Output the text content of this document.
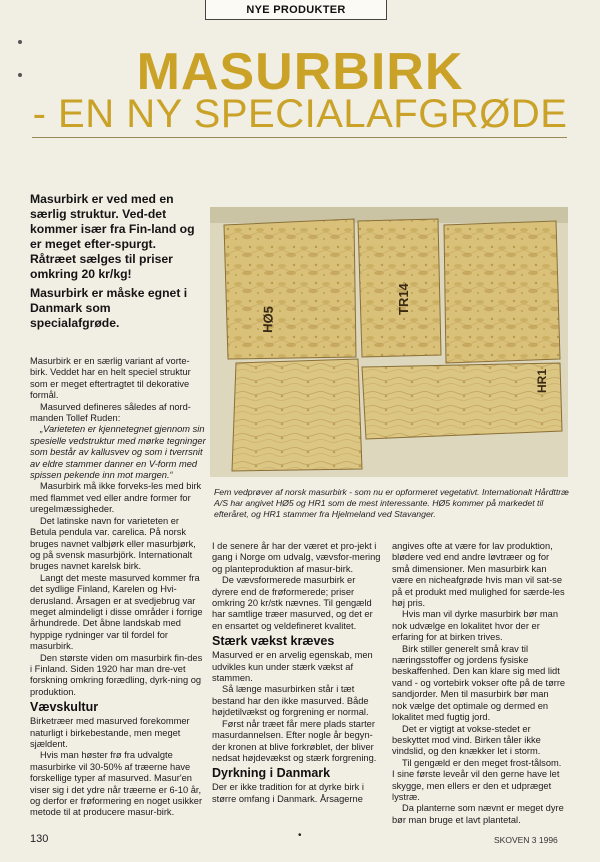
NYE PRODUKTER
MASURBIRK
- EN NY SPECIALAFGRØDE

Masurbirk er ved med en særlig struktur. Ved-det kommer især fra Fin-land og er meget efter-spurgt. Råtræet sælges til priser omkring 20 kr/kg!

Masurbirk er måske egnet i Danmark som specialafgrøde.	HØ5
TR14
HR1

Fem vedprøver af norsk masurbirk - som nu er opformeret vegetativt. Internationalt Hårdttræ A/S har angivet HØ5 og HR1 som de mest interessante. HØ5 kommer på markedet til efteråret, og HR1 stammer fra Hjelmeland ved Stavanger.

Masurbirk er en særlig variant af vorte-birk. Veddet har en helt speciel struktur som er meget eftertragtet til dekorative formål.

Masurved defineres således af nord-manden Tollef Ruden:

„Varieteten er kjennetegnet gjennom sin spesielle vedstruktur med mørke tegninger som består av kallusvev og som i tverrsnit av eldre stammer danner en V-form med spissen pekende inn mot margen.“

Masurbirk må ikke forveks-les med birk med flammet ved eller andre former for uregelmæssigheder.

Det latinske navn for varieteten er Betula pendula var. carelica. På norsk bruges navnet valbjørk eller masurbjørk, og på svensk masurbjörk. Internationalt bruges navnet karelsk birk.

Langt det meste masurved kommer fra det sydlige Finland, Karelen og Hvi-derusland. Årsagen er at svedjebrug var meget almindeligt i disse områder i forrige århundrede. Det åbne landskab med hyppige rydninger var til fordel for masurbirk.

Den største viden om masurbirk fin-des i Finland. Siden 1920 har man dre-vet forskning omkring forædling, dyrk-ning og produktion.

Vævskultur

Birketræer med masurved forekommer naturligt i birkebestande, men meget sjældent.

Hvis man høster frø fra udvalgte masurbirke vil 30-50% af træerne have forskellige typer af masurved. Masur'en viser sig i det ydre når træerne er 6-10 år, og derfor er frøformering en noget usikker metode til at producere masur-birk.

I de senere år har der været et pro-jekt i gang i Norge om udvalg, vævsfor-mering og planteproduktion af masur-birk.

De vævsformerede masurbirk er dyrere end de frøformerede; priser omkring 20 kr/stk nævnes. Til gengæld har samtlige træer masurved, og det er en ensartet og veldefineret kvalitet.

Stærk vækst kræves

Masurved er en arvelig egenskab, men udvikles kun under stærk vækst af stammen.

Så længe masurbirken står i tæt bestand har den ikke masurved. Både højdetilvækst og forgrening er normal.

Først når træet får mere plads starter masurdannelsen. Efter nogle år begyn-der kronen at blive forkrøblet, der bliver nedsat højdevækst og stærk forgrening.

Dyrkning i Danmark

Der er ikke tradition for at dyrke birk i større omfang i Danmark. Årsagerne

angives ofte at være for lav produktion, blødere ved end andre løvtræer og for små dimensioner. Men masurbirk kan være en nicheafgrøde hvis man vil sat-se på et produkt med mulighed for særde-les høj pris.

Hvis man vil dyrke masurbirk bør man nok udvælge en lokalitet hvor der er erfaring for at birken trives.

Birk stiller generelt små krav til næringsstoffer og jordens fysiske beskaffenhed. Den kan klare sig med lidt vand - og vortebirk vokser ofte på de tørre sandjorder. Men til masurbirk bør man nok vælge det optimale og dermed en lokalitet med fugtig jord.

Det er vigtigt at vokse-stedet er beskyttet mod vind. Birken tåler ikke vindslid, og den knækker let i storm.

Til gengæld er den meget frost-tålsom. I sine første leveår vil den gerne have let skygge, men ellers er den et udpræget lystræ.

Da planterne som nævnt er meget dyre bør man bruge et lavt plantetal.

•
130	SKOVEN 3 1996
